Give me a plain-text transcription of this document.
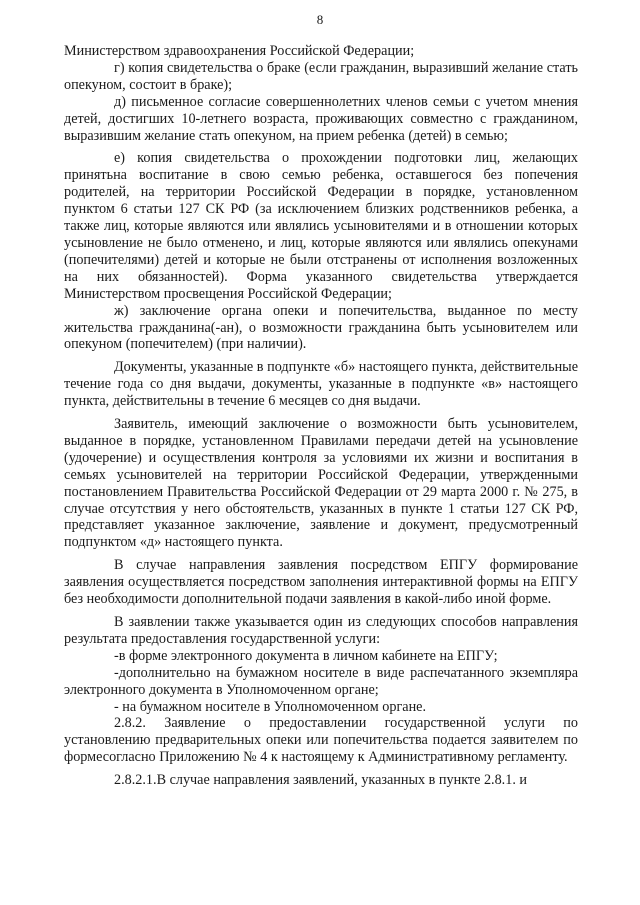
8

Министерством здравоохранения Российской Федерации;

г) копия свидетельства о браке (если гражданин, выразивший желание стать опекуном, состоит в браке);

д) письменное согласие совершеннолетних членов семьи с учетом мнения детей, достигших 10-летнего возраста, проживающих совместно с гражданином, выразившим желание стать опекуном, на прием ребенка (детей) в семью;

е) копия свидетельства о прохождении подготовки лиц, желающих принятьна воспитание в свою семью ребенка, оставшегося без попечения родителей, на территории Российской Федерации в порядке, установленном пунктом 6 статьи 127 СК РФ (за исключением близких родственников ребенка, а также лиц, которые являются или являлись усыновителями и в отношении которых усыновление не было отменено, и лиц, которые являются или являлись опекунами (попечителями) детей и которые не были отстранены от исполнения возложенных на них обязанностей). Форма указанного свидетельства утверждается Министерством просвещения Российской Федерации;

ж) заключение органа опеки и попечительства, выданное по месту жительства гражданина(-ан), о возможности гражданина быть усыновителем или опекуном (попечителем) (при наличии).

Документы, указанные в подпункте «б» настоящего пункта, действительные течение года со дня выдачи, документы, указанные в подпункте «в» настоящего пункта, действительны в течение 6 месяцев со дня выдачи.

Заявитель, имеющий заключение о возможности быть усыновителем, выданное в порядке, установленном Правилами передачи детей на усыновление (удочерение) и осуществления контроля за условиями их жизни и воспитания в семьях усыновителей на территории Российской Федерации, утвержденными постановлением Правительства Российской Федерации от 29 марта 2000 г. № 275, в случае отсутствия у него обстоятельств, указанных в пункте 1 статьи 127 СК РФ, представляет указанное заключение, заявление и документ, предусмотренный подпунктом «д» настоящего пункта.

В случае направления заявления посредством ЕПГУ формирование заявления осуществляется посредством заполнения интерактивной формы на ЕПГУ без необходимости дополнительной подачи заявления в какой-либо иной форме.

В заявлении также указывается один из следующих способов направления результата предоставления государственной услуги:

-в форме электронного документа в личном кабинете на ЕПГУ;

-дополнительно на бумажном носителе в виде распечатанного экземпляра электронного документа в Уполномоченном органе;

- на бумажном носителе в Уполномоченном органе.

2.8.2. Заявление о предоставлении государственной услуги по установлению предварительных опеки или попечительства подается заявителем по формесогласно Приложению № 4 к настоящему к Административному регламенту.

2.8.2.1.В случае направления заявлений, указанных в пункте 2.8.1. и
